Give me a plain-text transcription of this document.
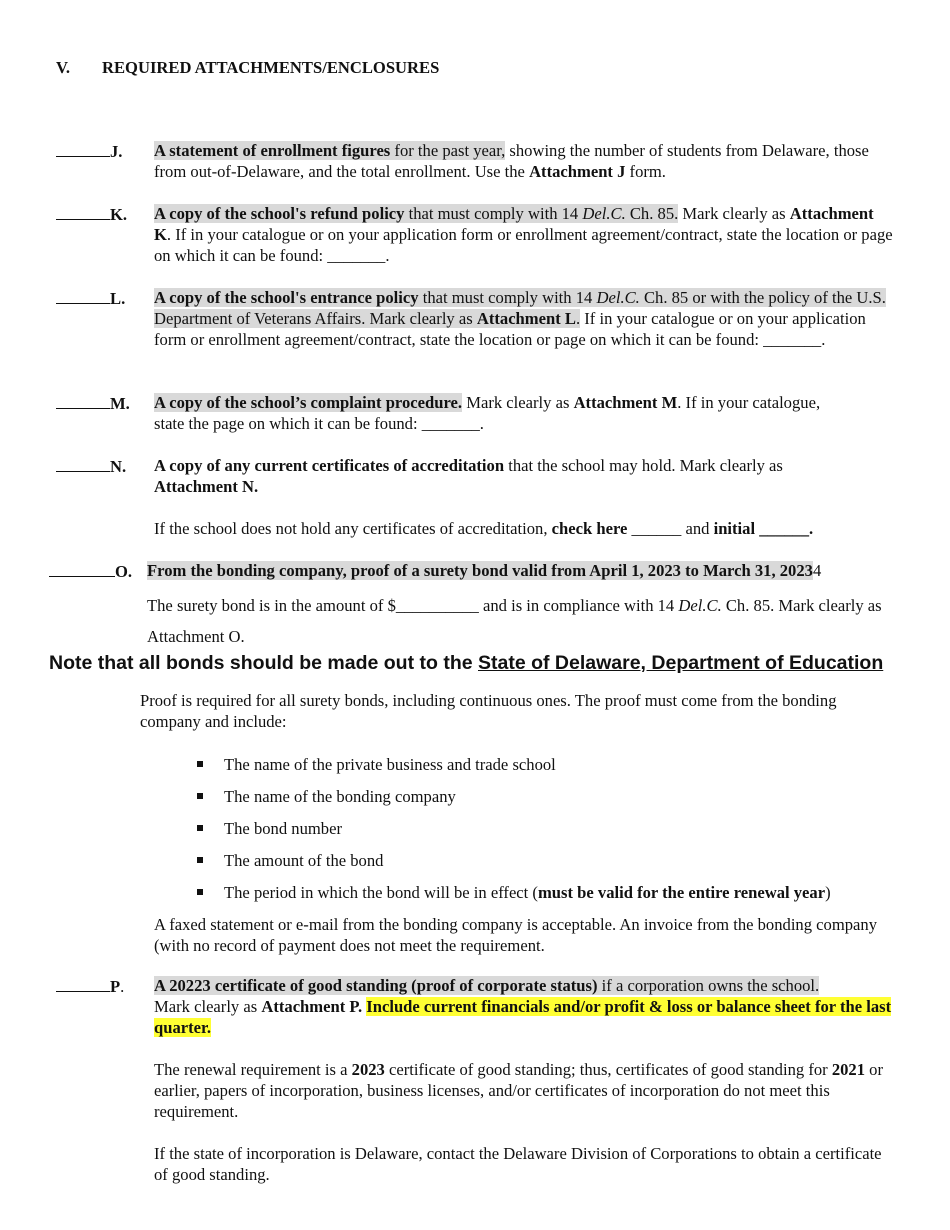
V. REQUIRED ATTACHMENTS/ENCLOSURES
J. A statement of enrollment figures for the past year, showing the number of students from Delaware, those from out-of-Delaware, and the total enrollment. Use the Attachment J form.
K. A copy of the school's refund policy that must comply with 14 Del.C. Ch. 85. Mark clearly as Attachment K. If in your catalogue or on your application form or enrollment agreement/contract, state the location or page on which it can be found: _______.
L. A copy of the school's entrance policy that must comply with 14 Del.C. Ch. 85 or with the policy of the U.S. Department of Veterans Affairs. Mark clearly as Attachment L. If in your catalogue or on your application form or enrollment agreement/contract, state the location or page on which it can be found: _______.
M. A copy of the school’s complaint procedure. Mark clearly as Attachment M. If in your catalogue, state the page on which it can be found: _______.
N. A copy of any current certificates of accreditation that the school may hold. Mark clearly as Attachment N.
If the school does not hold any certificates of accreditation, check here ______ and initial ______.
O. From the bonding company, proof of a surety bond valid from April 1, 2023 to March 31, 20234
The surety bond is in the amount of $__________ and is in compliance with 14 Del.C. Ch. 85. Mark clearly as Attachment O.
Note that all bonds should be made out to the State of Delaware, Department of Education
Proof is required for all surety bonds, including continuous ones. The proof must come from the bonding company and include:
The name of the private business and trade school
The name of the bonding company
The bond number
The amount of the bond
The period in which the bond will be in effect (must be valid for the entire renewal year)
A faxed statement or e-mail from the bonding company is acceptable. An invoice from the bonding company (with no record of payment does not meet the requirement.
P. A 20223 certificate of good standing (proof of corporate status) if a corporation owns the school.
Mark clearly as Attachment P. Include current financials and/or profit & loss or balance sheet for the last quarter.
The renewal requirement is a 2023 certificate of good standing; thus, certificates of good standing for 2021 or earlier, papers of incorporation, business licenses, and/or certificates of incorporation do not meet this requirement.
If the state of incorporation is Delaware, contact the Delaware Division of Corporations to obtain a certificate of good standing.
